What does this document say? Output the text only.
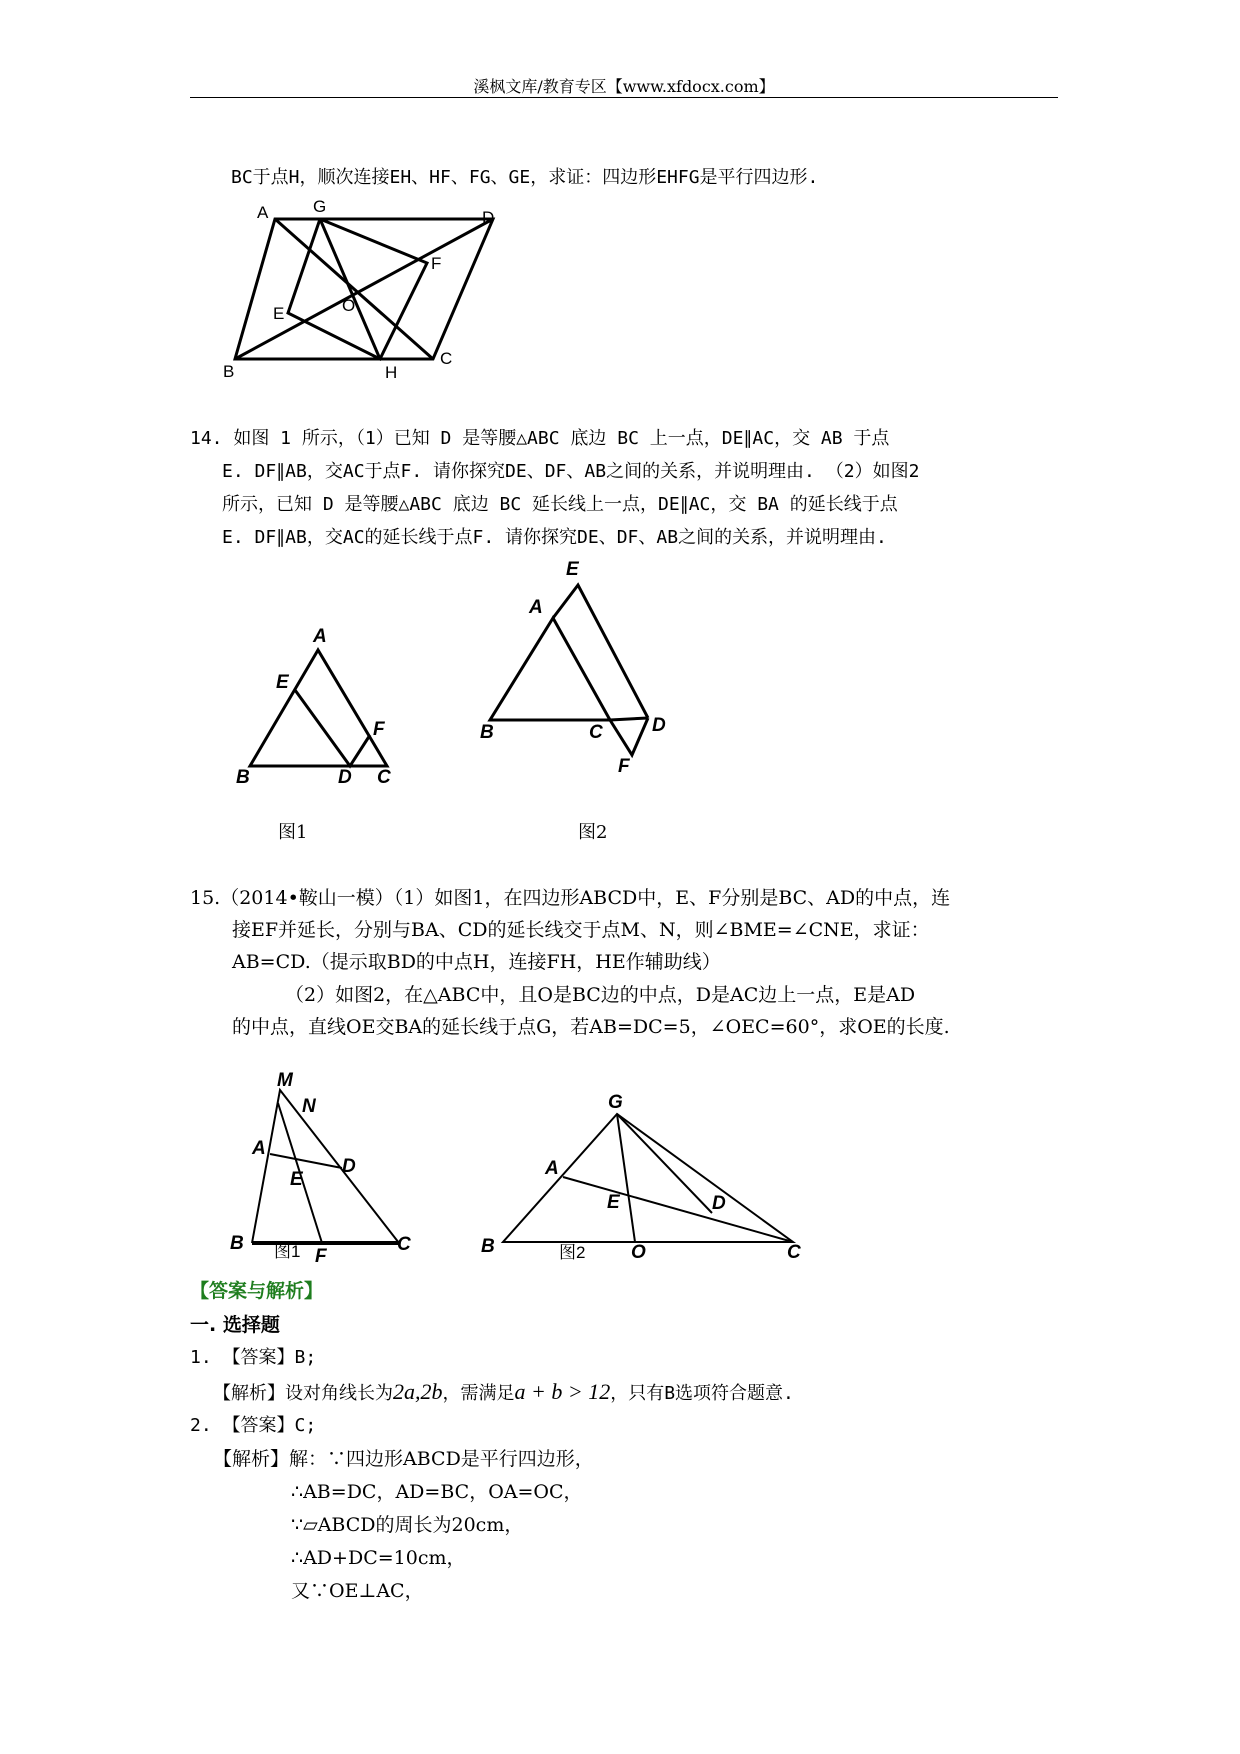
溪枫文库/教育专区【www.xfdocx.com】
BC于点H，顺次连接EH、HF、FG、GE，求证：四边形EHFG是平行四边形.
A	G
D
F
E	O
B	H
C
14. 如图 1 所示，（1）已知 D 是等腰△ABC 底边 BC 上一点，DE∥AC，交 AB 于点
E. DF∥AB，交AC于点F. 请你探究DE、DF、AB之间的关系，并说明理由. （2）如图2
所示，已知 D 是等腰△ABC 底边 BC 延长线上一点，DE∥AC，交 BA 的延长线于点
E. DF∥AB，交AC的延长线于点F. 请你探究DE、DF、AB之间的关系，并说明理由.
A
E
F
B	D C
图1
E
A
B	C	D
F
图2
15.（2014•鞍山一模）（1）如图1，在四边形ABCD中，E、F分别是BC、AD的中点，连
接EF并延长，分别与BA、CD的延长线交于点M、N，则∠BME=∠CNE，求证：
AB=CD.（提示取BD的中点H，连接FH，HE作辅助线）
（2）如图2，在△ABC中，且O是BC边的中点，D是AC边上一点，E是AD
的中点，直线OE交BA的延长线于点G，若AB=DC=5，∠OEC=60°，求OE的长度.
M
N
A
D
E
B 图1 F
C
G
A
E	D
B	图2 O	C
【答案与解析】
一. 选择题
1. 【答案】B;
【解析】设对角线长为2a,2b，需满足a + b > 12，只有B选项符合题意.
2. 【答案】C;
【解析】解：∵四边形ABCD是平行四边形，
∴AB=DC，AD=BC，OA=OC，
∵▱ABCD的周长为20cm，
∴AD+DC=10cm，
又∵OE⊥AC，
